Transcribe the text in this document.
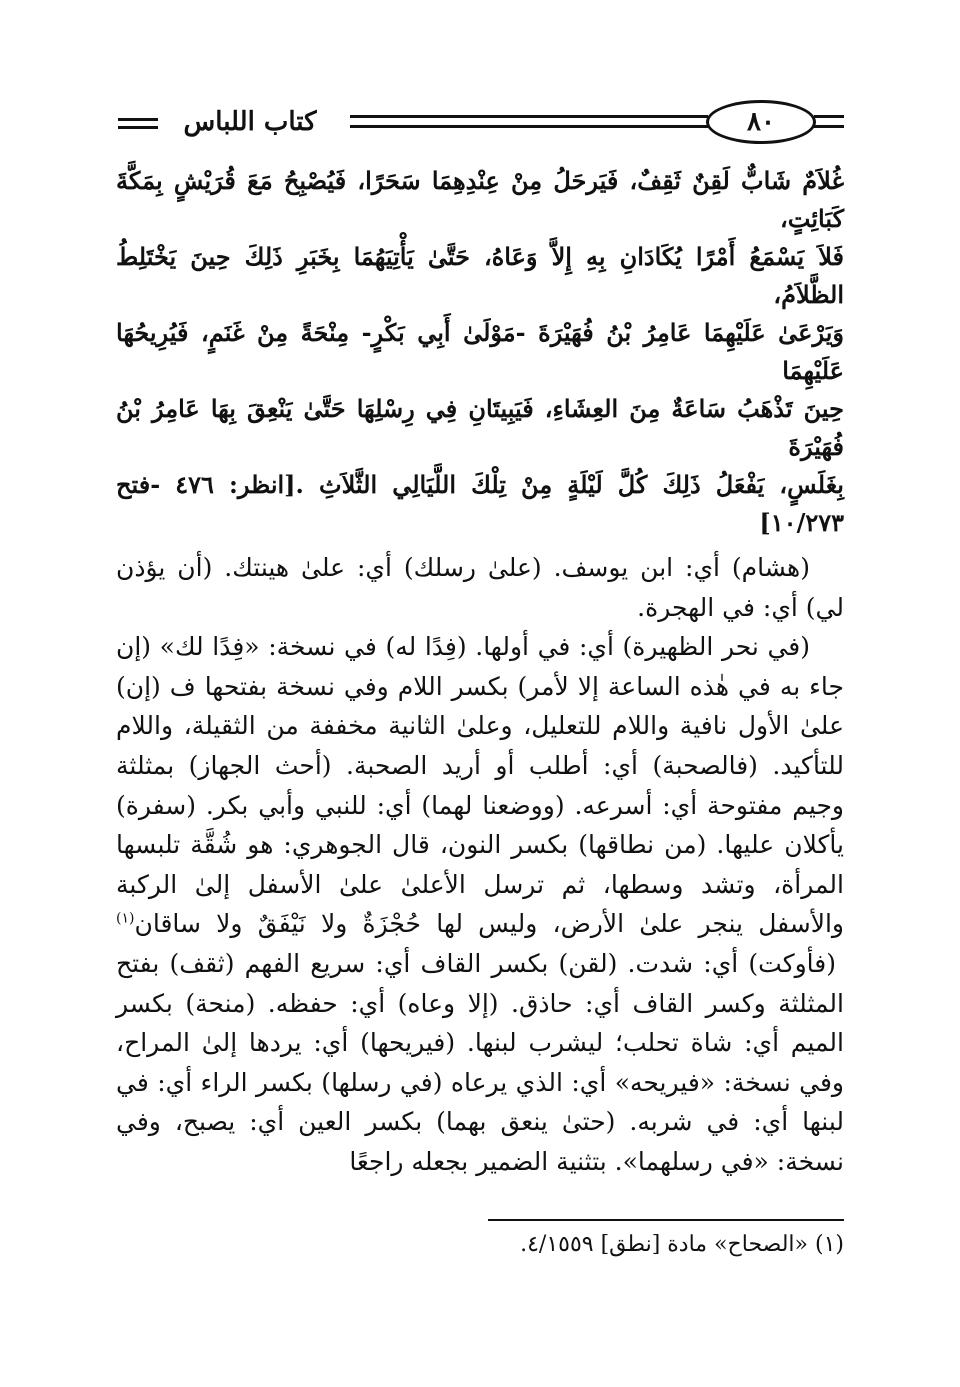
٨٠
كتاب اللباس

غُلاَمٌ شَابٌّ لَقِنٌ ثَقِفٌ، فَيَرحَلُ مِنْ عِنْدِهِمَا سَحَرًا، فَيُصْبِحُ مَعَ قُرَيْشٍ بِمَكَّةَ كَبَائِتٍ،

فَلاَ يَسْمَعُ أَمْرًا يُكَادَانِ بِهِ إِلاَّ وَعَاهُ، حَتَّىٰ يَأْتِيَهُمَا بِخَبَرِ ذَلِكَ حِينَ يَخْتَلِطُ الظَّلاَمُ،

وَيَرْعَىٰ عَلَيْهِمَا عَامِرُ بْنُ فُهَيْرَةَ -مَوْلَىٰ أَبِي بَكْرٍ- مِنْحَةً مِنْ غَنَمٍ، فَيُرِيحُهَا عَلَيْهِمَا

حِينَ تَذْهَبُ سَاعَةٌ مِنَ العِشَاءِ، فَيَبِيتَانِ فِي رِسْلِهَا حَتَّىٰ يَنْعِقَ بِهَا عَامِرُ بْنُ فُهَيْرَةَ

بِغَلَسٍ، يَفْعَلُ ذَلِكَ كُلَّ لَيْلَةٍ مِنْ تِلْكَ اللَّيَالِي الثَّلاَثِ .[انظر: ٤٧٦ -فتح ١٠/٢٧٣]

(هشام) أي: ابن يوسف. (علىٰ رسلك) أي: علىٰ هينتك. (أن يؤذن لي) أي: في الهجرة.

(في نحر الظهيرة) أي: في أولها. (فِدًا له) في نسخة: «فِدًا لك» (إن جاء به في هٰذه الساعة إلا لأمر) بكسر اللام وفي نسخة بفتحها ف (إن) علىٰ الأول نافية واللام للتعليل، وعلىٰ الثانية مخففة من الثقيلة، واللام للتأكيد. (فالصحبة) أي: أطلب أو أريد الصحبة. (أحث الجهاز) بمثلثة وجيم مفتوحة أي: أسرعه. (ووضعنا لهما) أي: للنبي وأبي بكر. (سفرة) يأكلان عليها. (من نطاقها) بكسر النون، قال الجوهري: هو شُقَّة تلبسها المرأة، وتشد وسطها، ثم ترسل الأعلىٰ علىٰ الأسفل إلىٰ الركبة والأسفل ينجر علىٰ الأرض، وليس لها حُجْزَةٌ ولا نَيْفَقٌ ولا ساقان$^{(١)}$(فأوكت) أي: شدت. (لقن) بكسر القاف أي: سريع الفهم (ثقف) بفتح المثلثة وكسر القاف أي: حاذق. (إلا وعاه) أي: حفظه. (منحة) بكسر الميم أي: شاة تحلب؛ ليشرب لبنها. (فيريحها) أي: يردها إلىٰ المراح، وفي نسخة: «فيريحه» أي: الذي يرعاه (في رسلها) بكسر الراء أي: في لبنها أي: في شربه. (حتىٰ ينعق بهما) بكسر العين أي: يصبح، وفي نسخة: «في رسلهما». بتثنية الضمير بجعله راجعًا

(١) «الصحاح» مادة [نطق] ٤/١٥٥٩.
